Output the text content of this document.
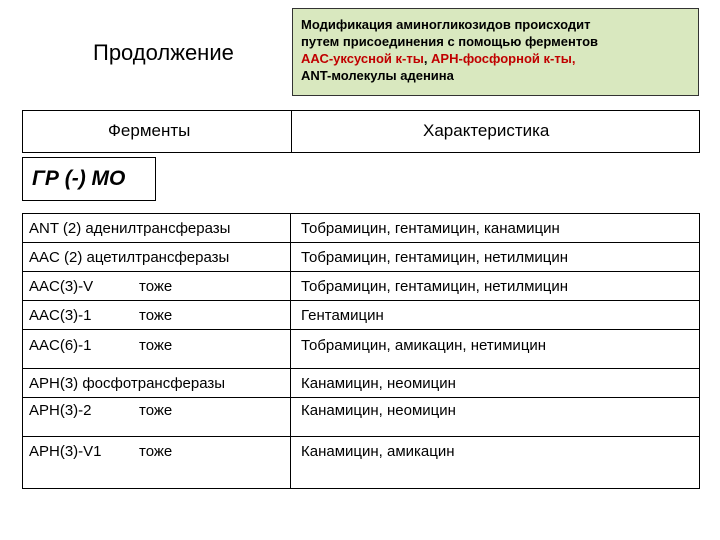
Продолжение
Модификация аминогликозидов происходит
путем присоединения с помощью ферментов
ААС-уксусной к-ты, АРН-фосфорной к-ты,
ANT-молекулы аденина
Ферменты	Характеристика
ГР (-) МО
ANT (2) аденилтрансферазы	Тобрамицин, гентамицин, канамицин
AAC (2) ацетилтрансферазы	Тобрамицин, гентамицин, нетилмицин
AAC(3)-V	тоже	Тобрамицин, гентамицин, нетилмицин
AAC(3)-1	тоже	Гентамицин
AAC(6)-1	тоже	Тобрамицин, амикацин, нетимицин
APH(3) фосфотрансферазы	Канамицин, неомицин
APH(3)-2	тоже	Канамицин, неомицин
APH(3)-V1 тоже	Канамицин, амикацин
